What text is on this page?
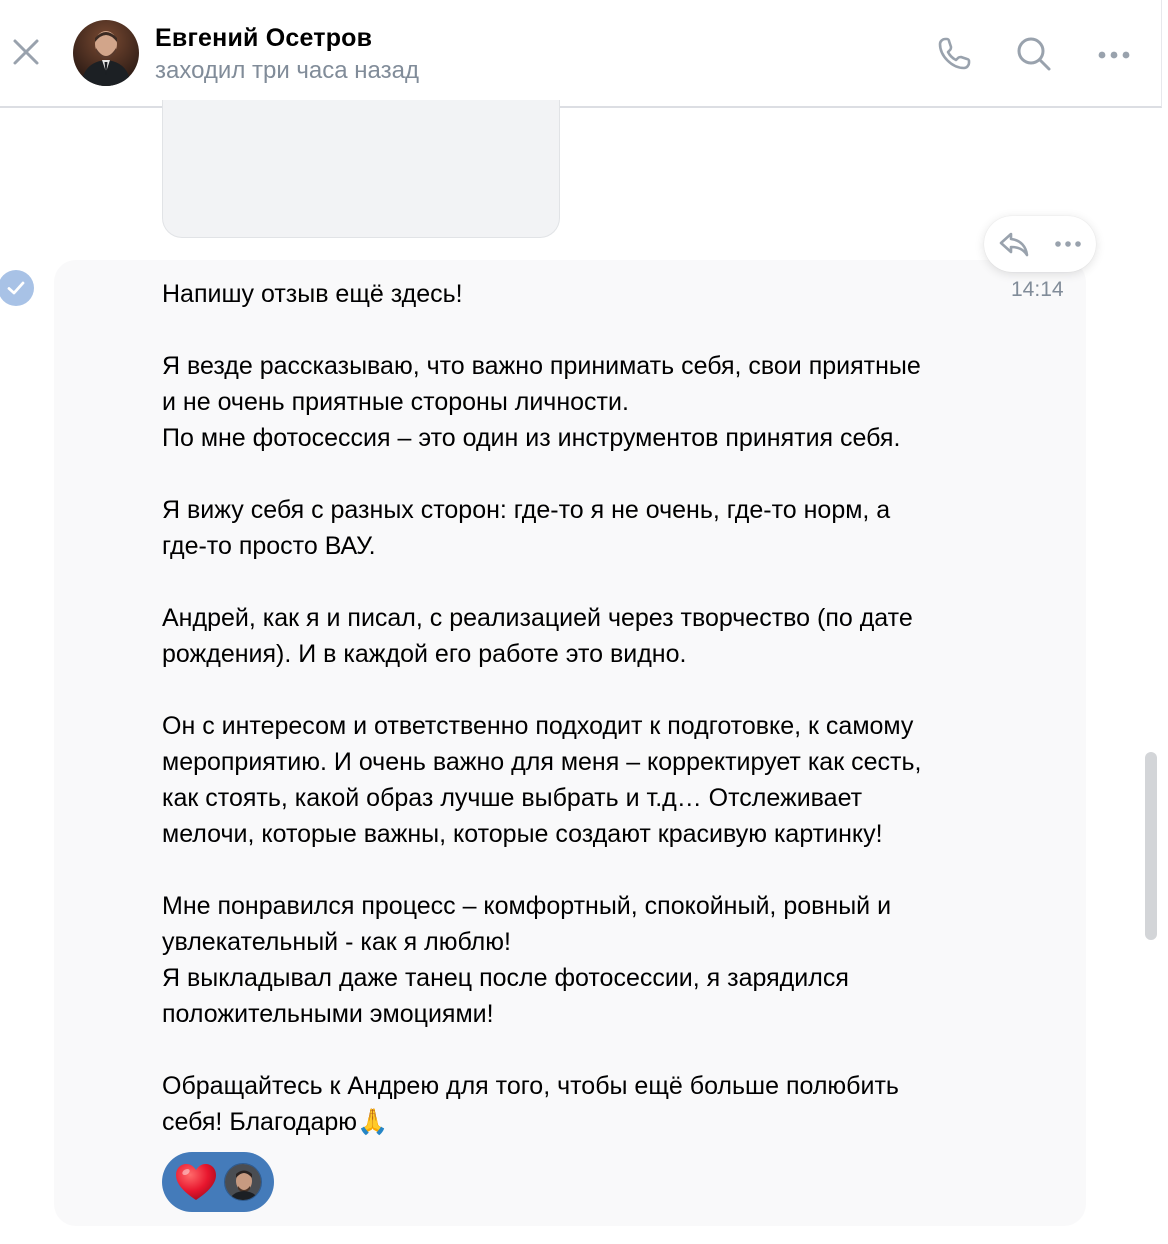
Евгений Осетров
заходил три часа назад

Напишу отзыв ещё здесь!

Я везде рассказываю, что важно принимать себя, свои приятные
и не очень приятные стороны личности.
По мне фотосессия – это один из инструментов принятия себя.

Я вижу себя с разных сторон: где-то я не очень, где-то норм, а
где-то просто ВАУ.

Андрей, как я и писал, с реализацией через творчество (по дате
рождения). И в каждой его работе это видно.

Он с интересом и ответственно подходит к подготовке, к самому
мероприятию. И очень важно для меня – корректирует как сесть,
как стоять, какой образ лучше выбрать и т.д… Отслеживает
мелочи, которые важны, которые создают красивую картинку!

Мне понравился процесс – комфортный, спокойный, ровный и
увлекательный - как я люблю!
Я выкладывал даже танец после фотосессии, я зарядился
положительными эмоциями!

Обращайтесь к Андрею для того, чтобы ещё больше полюбить
себя! Благодарю🙏

14:14
